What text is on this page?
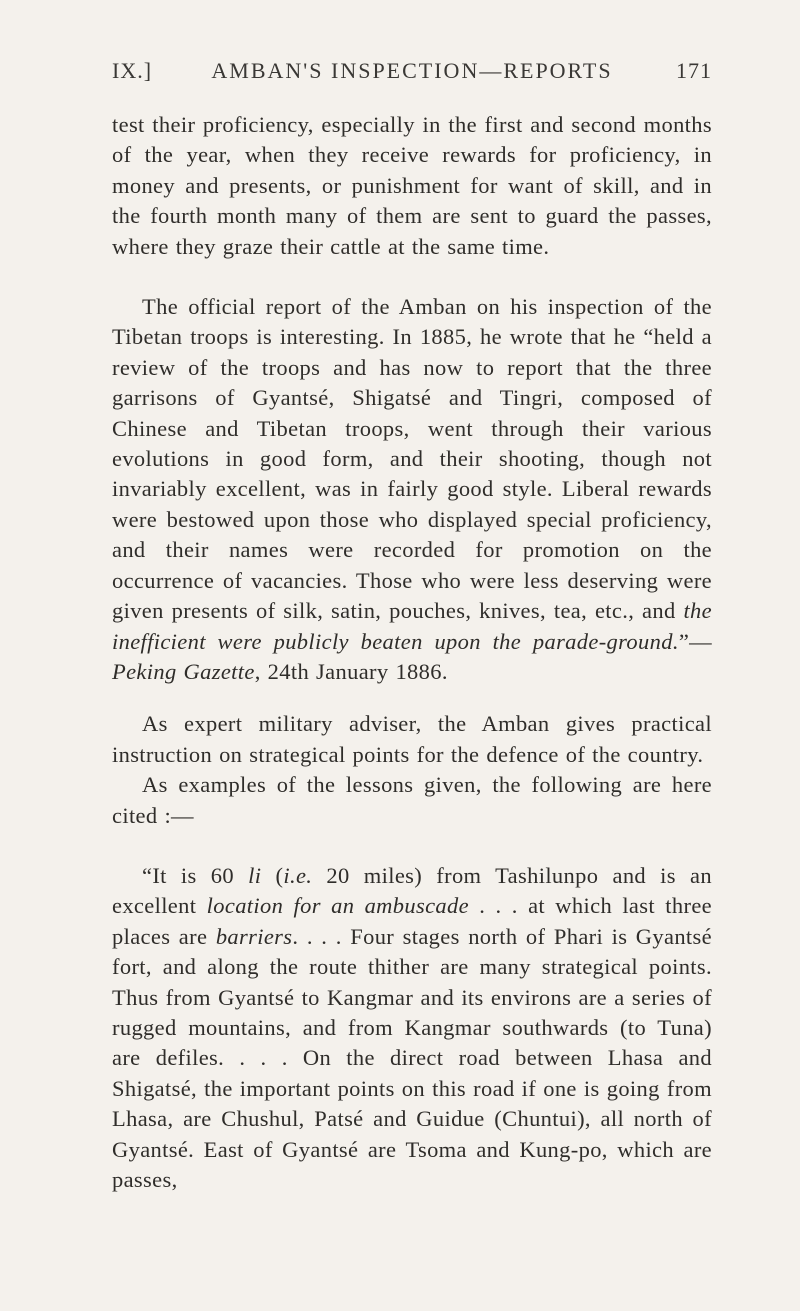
IX.]	AMBAN'S INSPECTION—REPORTS	171

test their proficiency, especially in the first and second months of the year, when they receive rewards for proficiency, in money and presents, or punishment for want of skill, and in the fourth month many of them are sent to guard the passes, where they graze their cattle at the same time.

The official report of the Amban on his inspection of the Tibetan troops is interesting. In 1885, he wrote that he “held a review of the troops and has now to report that the three garrisons of Gyantsé, Shigatsé and Tingri, composed of Chinese and Tibetan troops, went through their various evolutions in good form, and their shooting, though not invariably excellent, was in fairly good style. Liberal rewards were bestowed upon those who displayed special proficiency, and their names were recorded for promotion on the occurrence of vacancies. Those who were less deserving were given presents of silk, satin, pouches, knives, tea, etc., and the inefficient were publicly beaten upon the parade-ground.”—Peking Gazette, 24th January 1886.

As expert military adviser, the Amban gives practical instruction on strategical points for the defence of the country.

As examples of the lessons given, the following are here cited :—

“It is 60 li (i.e. 20 miles) from Tashilunpo and is an excellent location for an ambuscade . . . at which last three places are barriers. . . . Four stages north of Phari is Gyantsé fort, and along the route thither are many strategical points. Thus from Gyantsé to Kangmar and its environs are a series of rugged mountains, and from Kangmar southwards (to Tuna) are defiles. . . . On the direct road between Lhasa and Shigatsé, the important points on this road if one is going from Lhasa, are Chushul, Patsé and Guidue (Chuntui), all north of Gyantsé. East of Gyantsé are Tsoma and Kung-po, which are passes,
